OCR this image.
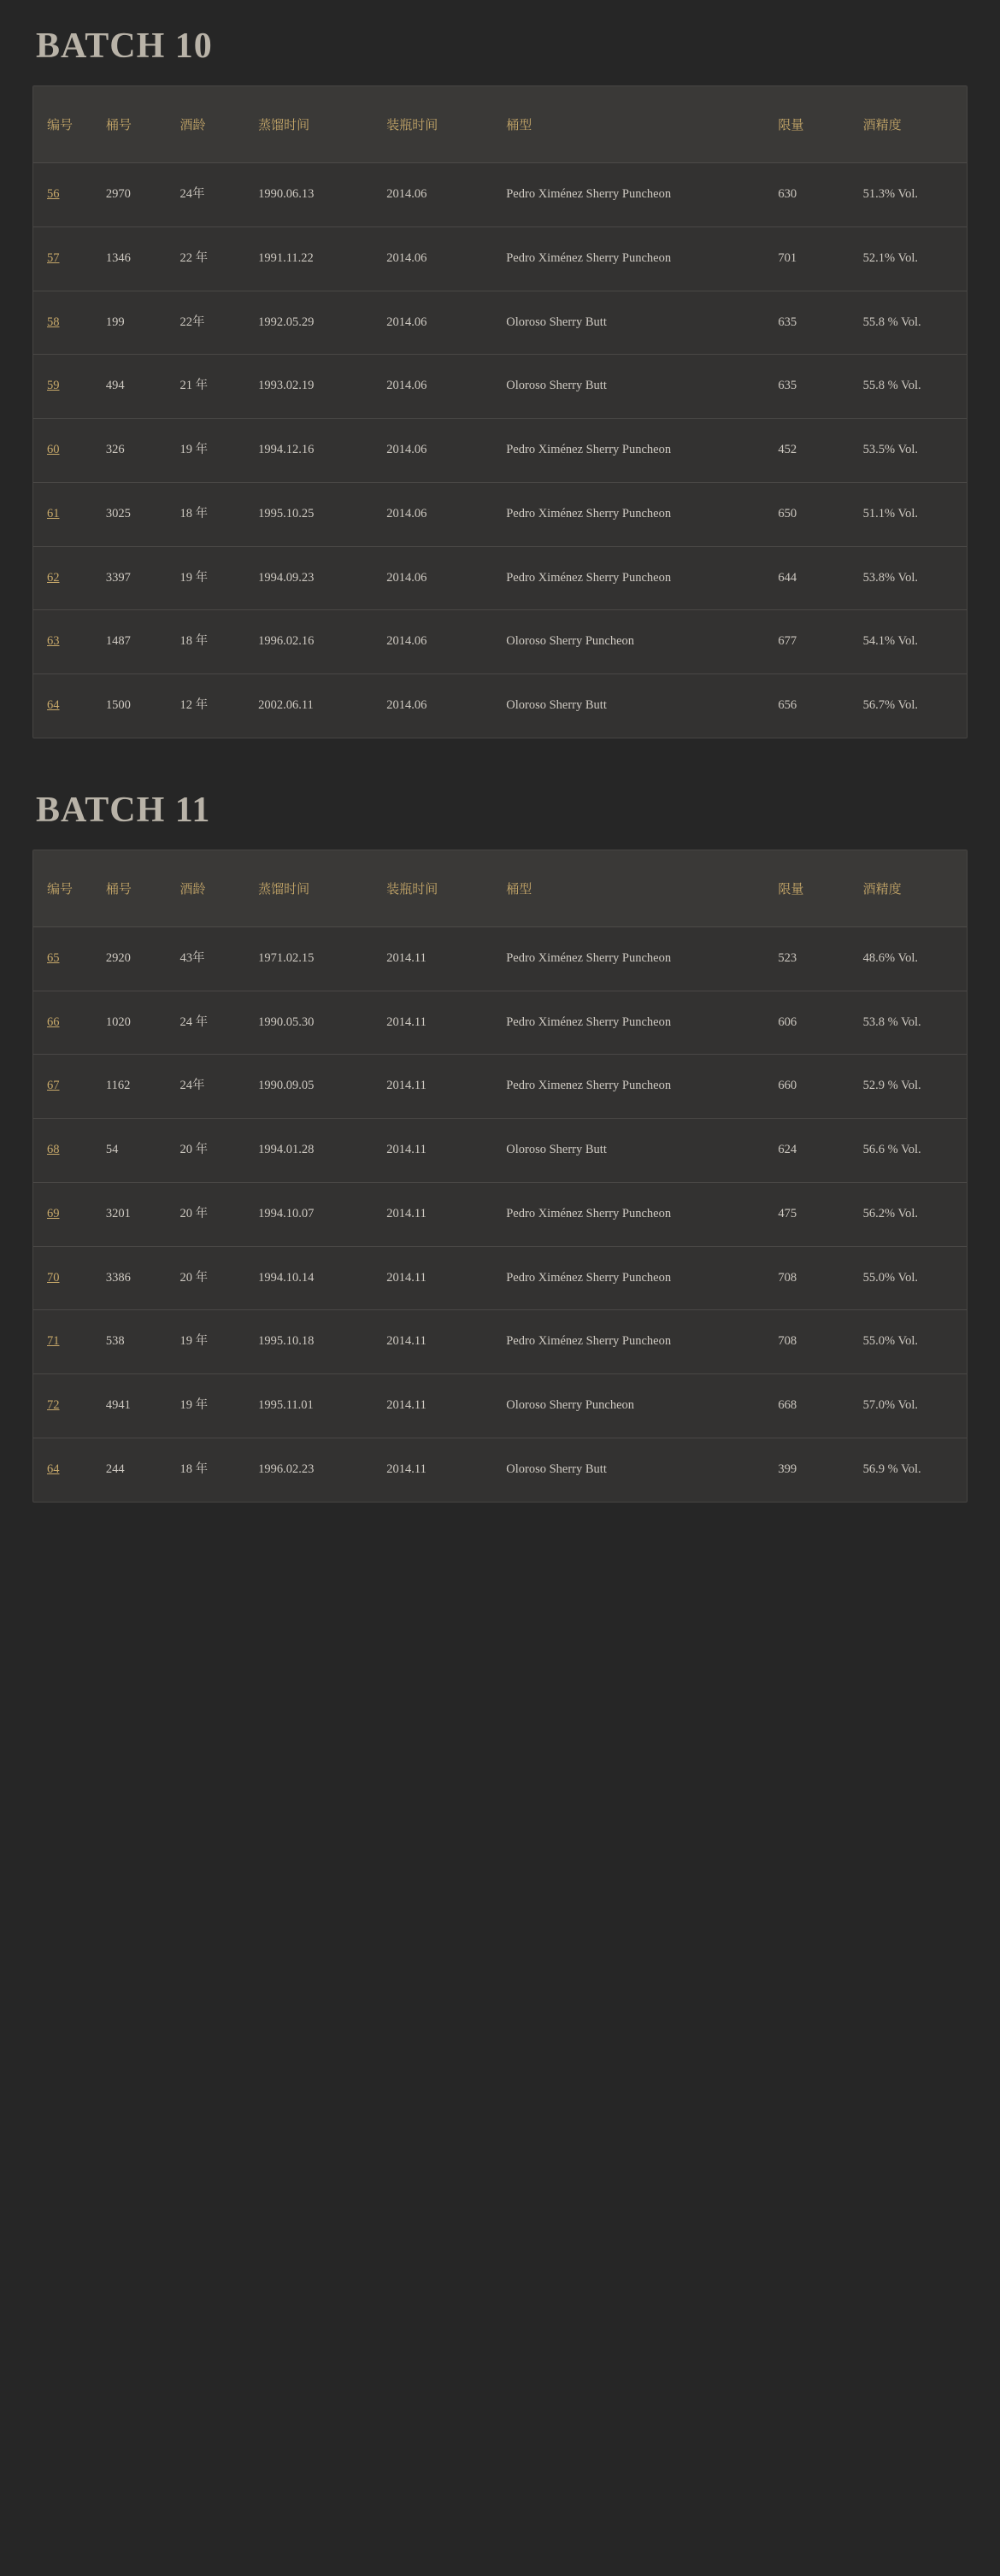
BATCH 10
编号	桶号	酒龄	蒸馏时间	装瓶时间	桶型	限量	酒精度
56	2970	24年	1990.06.13	2014.06	Pedro Ximénez Sherry Puncheon	630	51.3% Vol.
57	1346	22 年	1991.11.22	2014.06	Pedro Ximénez Sherry Puncheon	701	52.1% Vol.
58	199	22年	1992.05.29	2014.06	Oloroso Sherry Butt	635	55.8 % Vol.
59	494	21 年	1993.02.19	2014.06	Oloroso Sherry Butt	635	55.8 % Vol.
60	326	19 年	1994.12.16	2014.06	Pedro Ximénez Sherry Puncheon	452	53.5% Vol.
61	3025	18 年	1995.10.25	2014.06	Pedro Ximénez Sherry Puncheon	650	51.1% Vol.
62	3397	19 年	1994.09.23	2014.06	Pedro Ximénez Sherry Puncheon	644	53.8% Vol.
63	1487	18 年	1996.02.16	2014.06	Oloroso Sherry Puncheon	677	54.1% Vol.
64	1500	12 年	2002.06.11	2014.06	Oloroso Sherry Butt	656	56.7% Vol.
BATCH 11
编号	桶号	酒龄	蒸馏时间	装瓶时间	桶型	限量	酒精度
65	2920	43年	1971.02.15	2014.11	Pedro Ximénez Sherry Puncheon	523	48.6% Vol.
66	1020	24 年	1990.05.30	2014.11	Pedro Ximénez Sherry Puncheon	606	53.8 % Vol.
67	1162	24年	1990.09.05	2014.11	Pedro Ximenez Sherry Puncheon	660	52.9 % Vol.
68	54	20 年	1994.01.28	2014.11	Oloroso Sherry Butt	624	56.6 % Vol.
69	3201	20 年	1994.10.07	2014.11	Pedro Ximénez Sherry Puncheon	475	56.2% Vol.
70	3386	20 年	1994.10.14	2014.11	Pedro Ximénez Sherry Puncheon	708	55.0% Vol.
71	538	19 年	1995.10.18	2014.11	Pedro Ximénez Sherry Puncheon	708	55.0% Vol.
72	4941	19 年	1995.11.01	2014.11	Oloroso Sherry Puncheon	668	57.0% Vol.
64	244	18 年	1996.02.23	2014.11	Oloroso Sherry Butt	399	56.9 % Vol.
